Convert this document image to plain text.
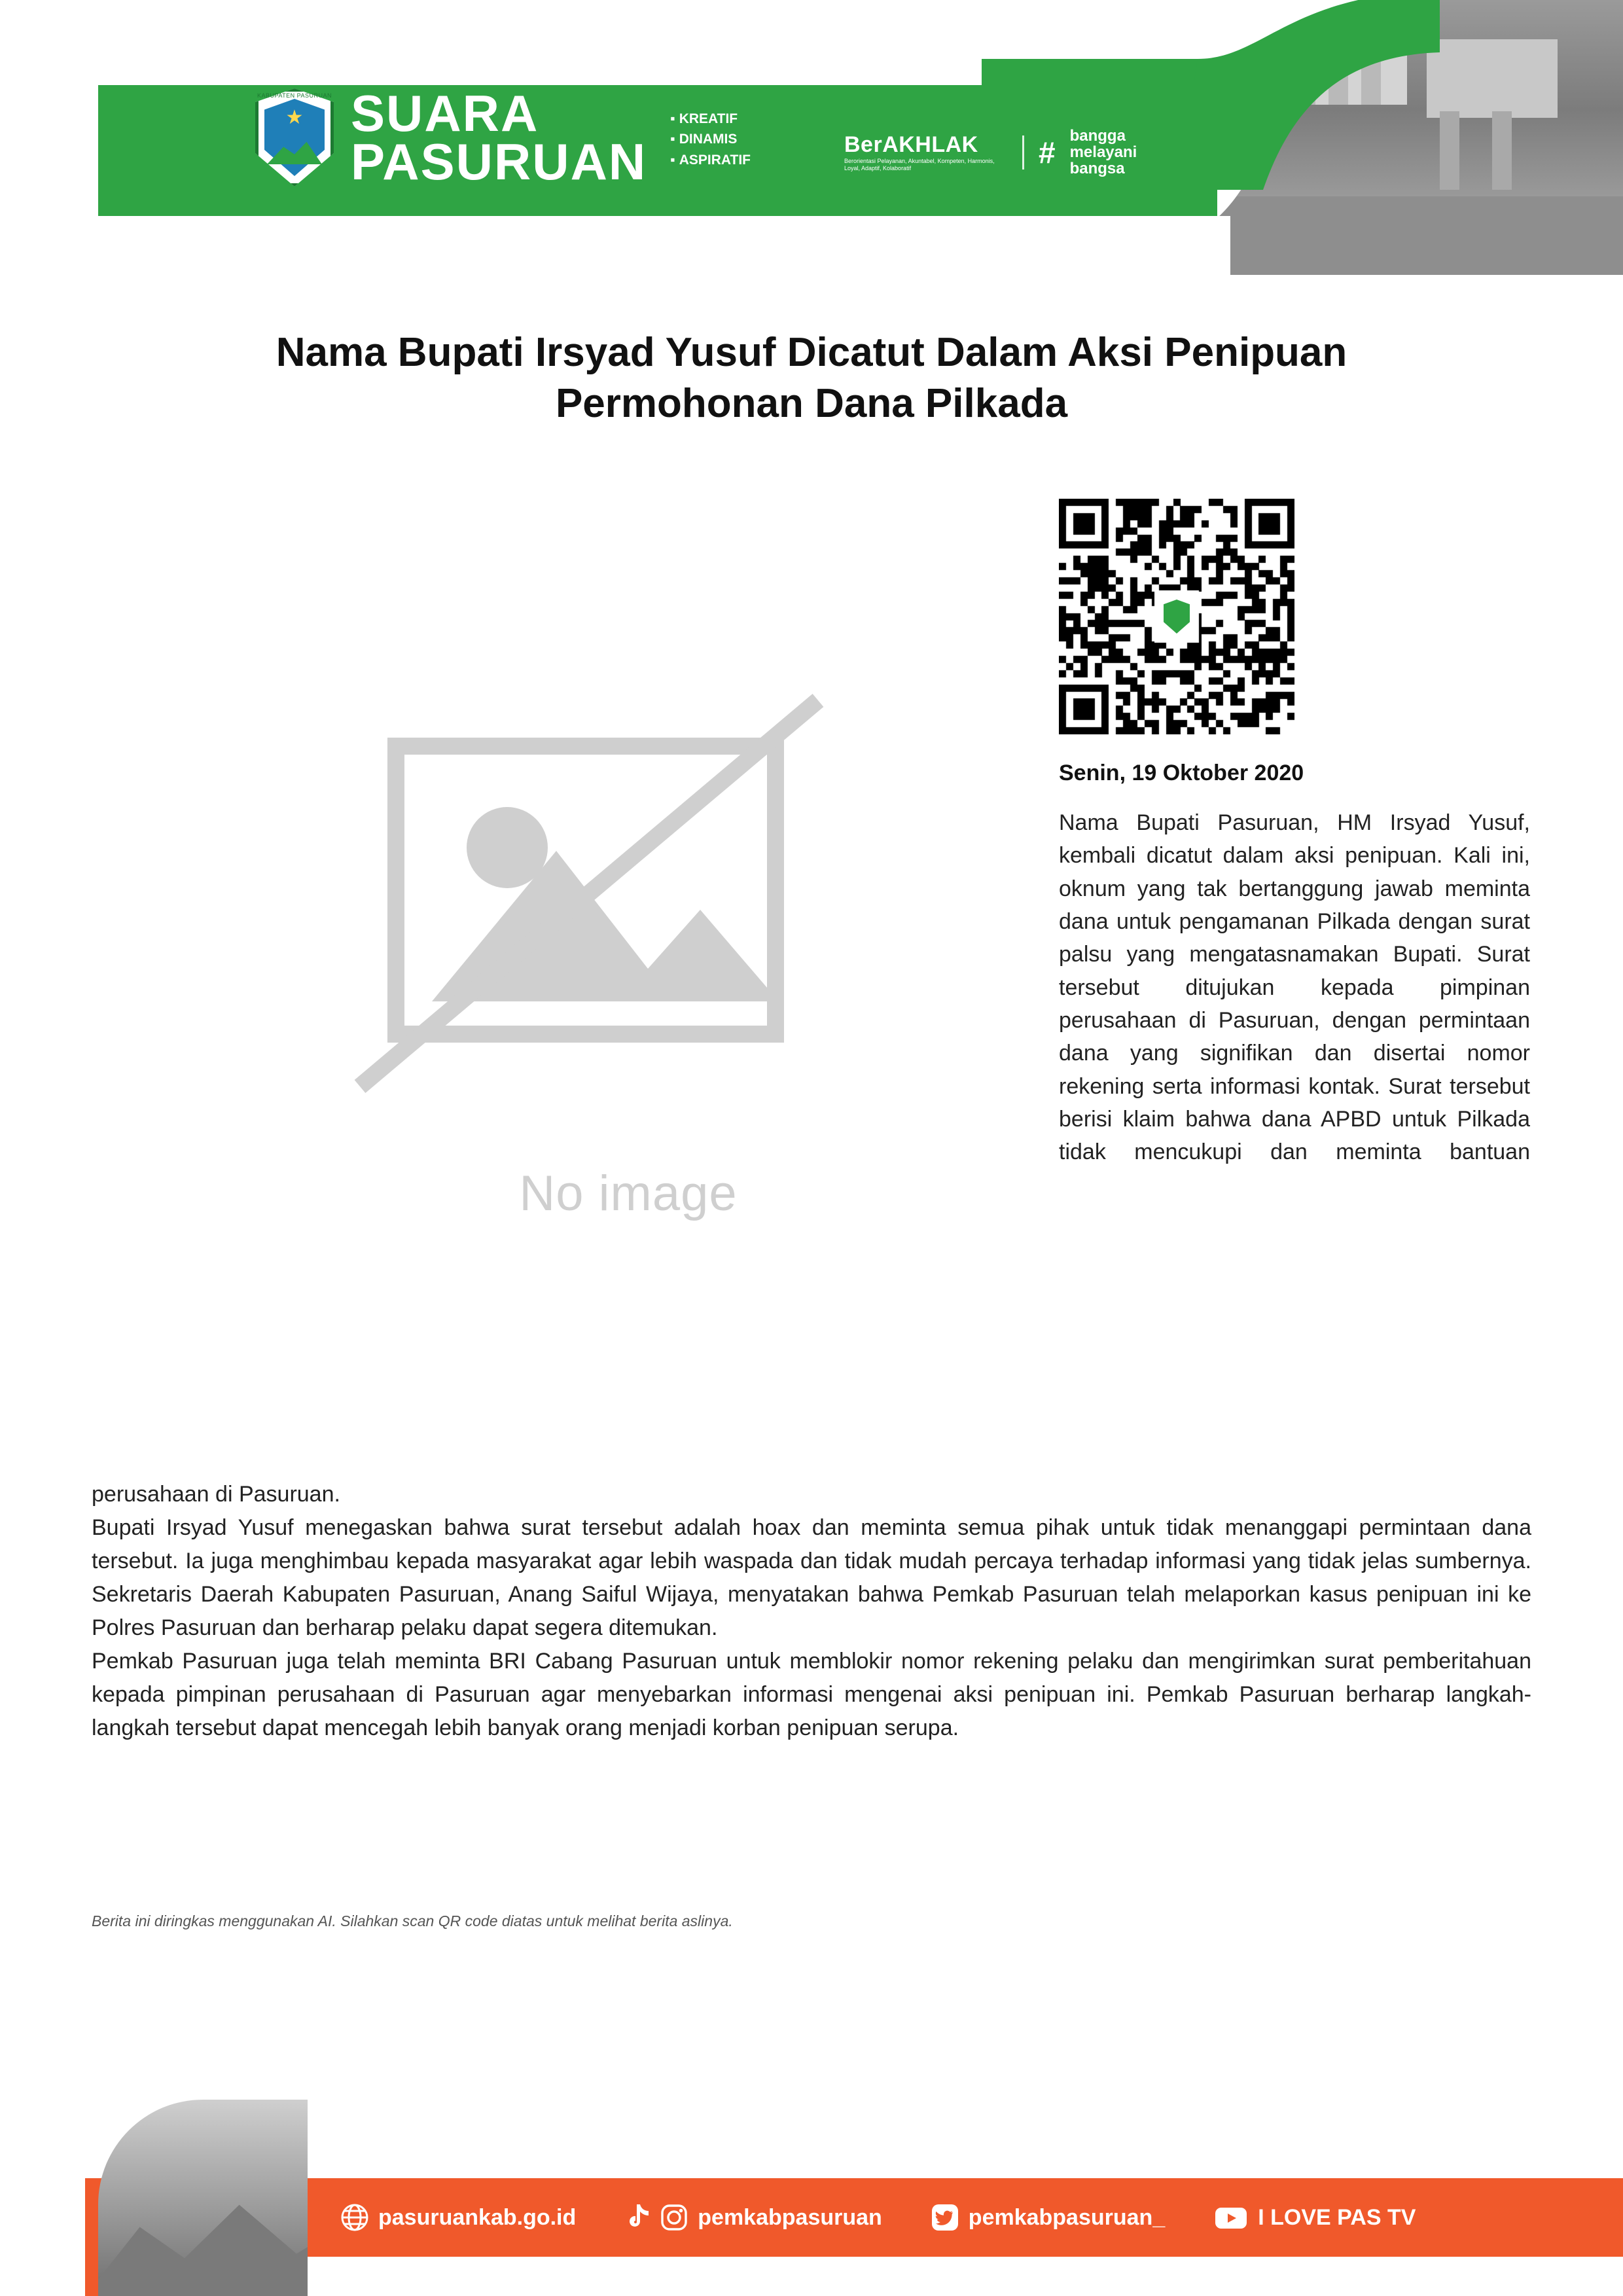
KABUPATEN PASURUAN
★ SUARA
PASURUAN
▪ KREATIF
▪ DINAMIS
▪ ASPIRATIF
BerAKHLAK
Berorientasi Pelayanan, Akuntabel, Kompeten, Harmonis, Loyal, Adaptif, Kolaboratif	# bangga
melayani
bangsa
Nama Bupati Irsyad Yusuf Dicatut Dalam Aksi Penipuan Permohonan Dana Pilkada
No image
Senin, 19 Oktober 2020
Nama Bupati Pasuruan, HM Irsyad Yusuf, kembali dicatut dalam aksi penipuan. Kali ini, oknum yang tak bertanggung jawab meminta dana untuk pengamanan Pilkada dengan surat palsu yang mengatasnamakan Bupati. Surat tersebut ditujukan kepada pimpinan perusahaan di Pasuruan, dengan permintaan dana yang signifikan dan disertai nomor rekening serta informasi kontak. Surat tersebut berisi klaim bahwa dana APBD untuk Pilkada tidak mencukupi dan meminta bantuan

perusahaan di Pasuruan.

Bupati Irsyad Yusuf menegaskan bahwa surat tersebut adalah hoax dan meminta semua pihak untuk tidak menanggapi permintaan dana tersebut. Ia juga menghimbau kepada masyarakat agar lebih waspada dan tidak mudah percaya terhadap informasi yang tidak jelas sumbernya. Sekretaris Daerah Kabupaten Pasuruan, Anang Saiful Wijaya, menyatakan bahwa Pemkab Pasuruan telah melaporkan kasus penipuan ini ke Polres Pasuruan dan berharap pelaku dapat segera ditemukan.

Pemkab Pasuruan juga telah meminta BRI Cabang Pasuruan untuk memblokir nomor rekening pelaku dan mengirimkan surat pemberitahuan kepada pimpinan perusahaan di Pasuruan agar menyebarkan informasi mengenai aksi penipuan ini. Pemkab Pasuruan berharap langkah-langkah tersebut dapat mencegah lebih banyak orang menjadi korban penipuan serupa.

Berita ini diringkas menggunakan AI. Silahkan scan QR code diatas untuk melihat berita aslinya.
pasuruankab.go.id	pemkabpasuruan	pemkabpasuruan_	I LOVE PAS TV
